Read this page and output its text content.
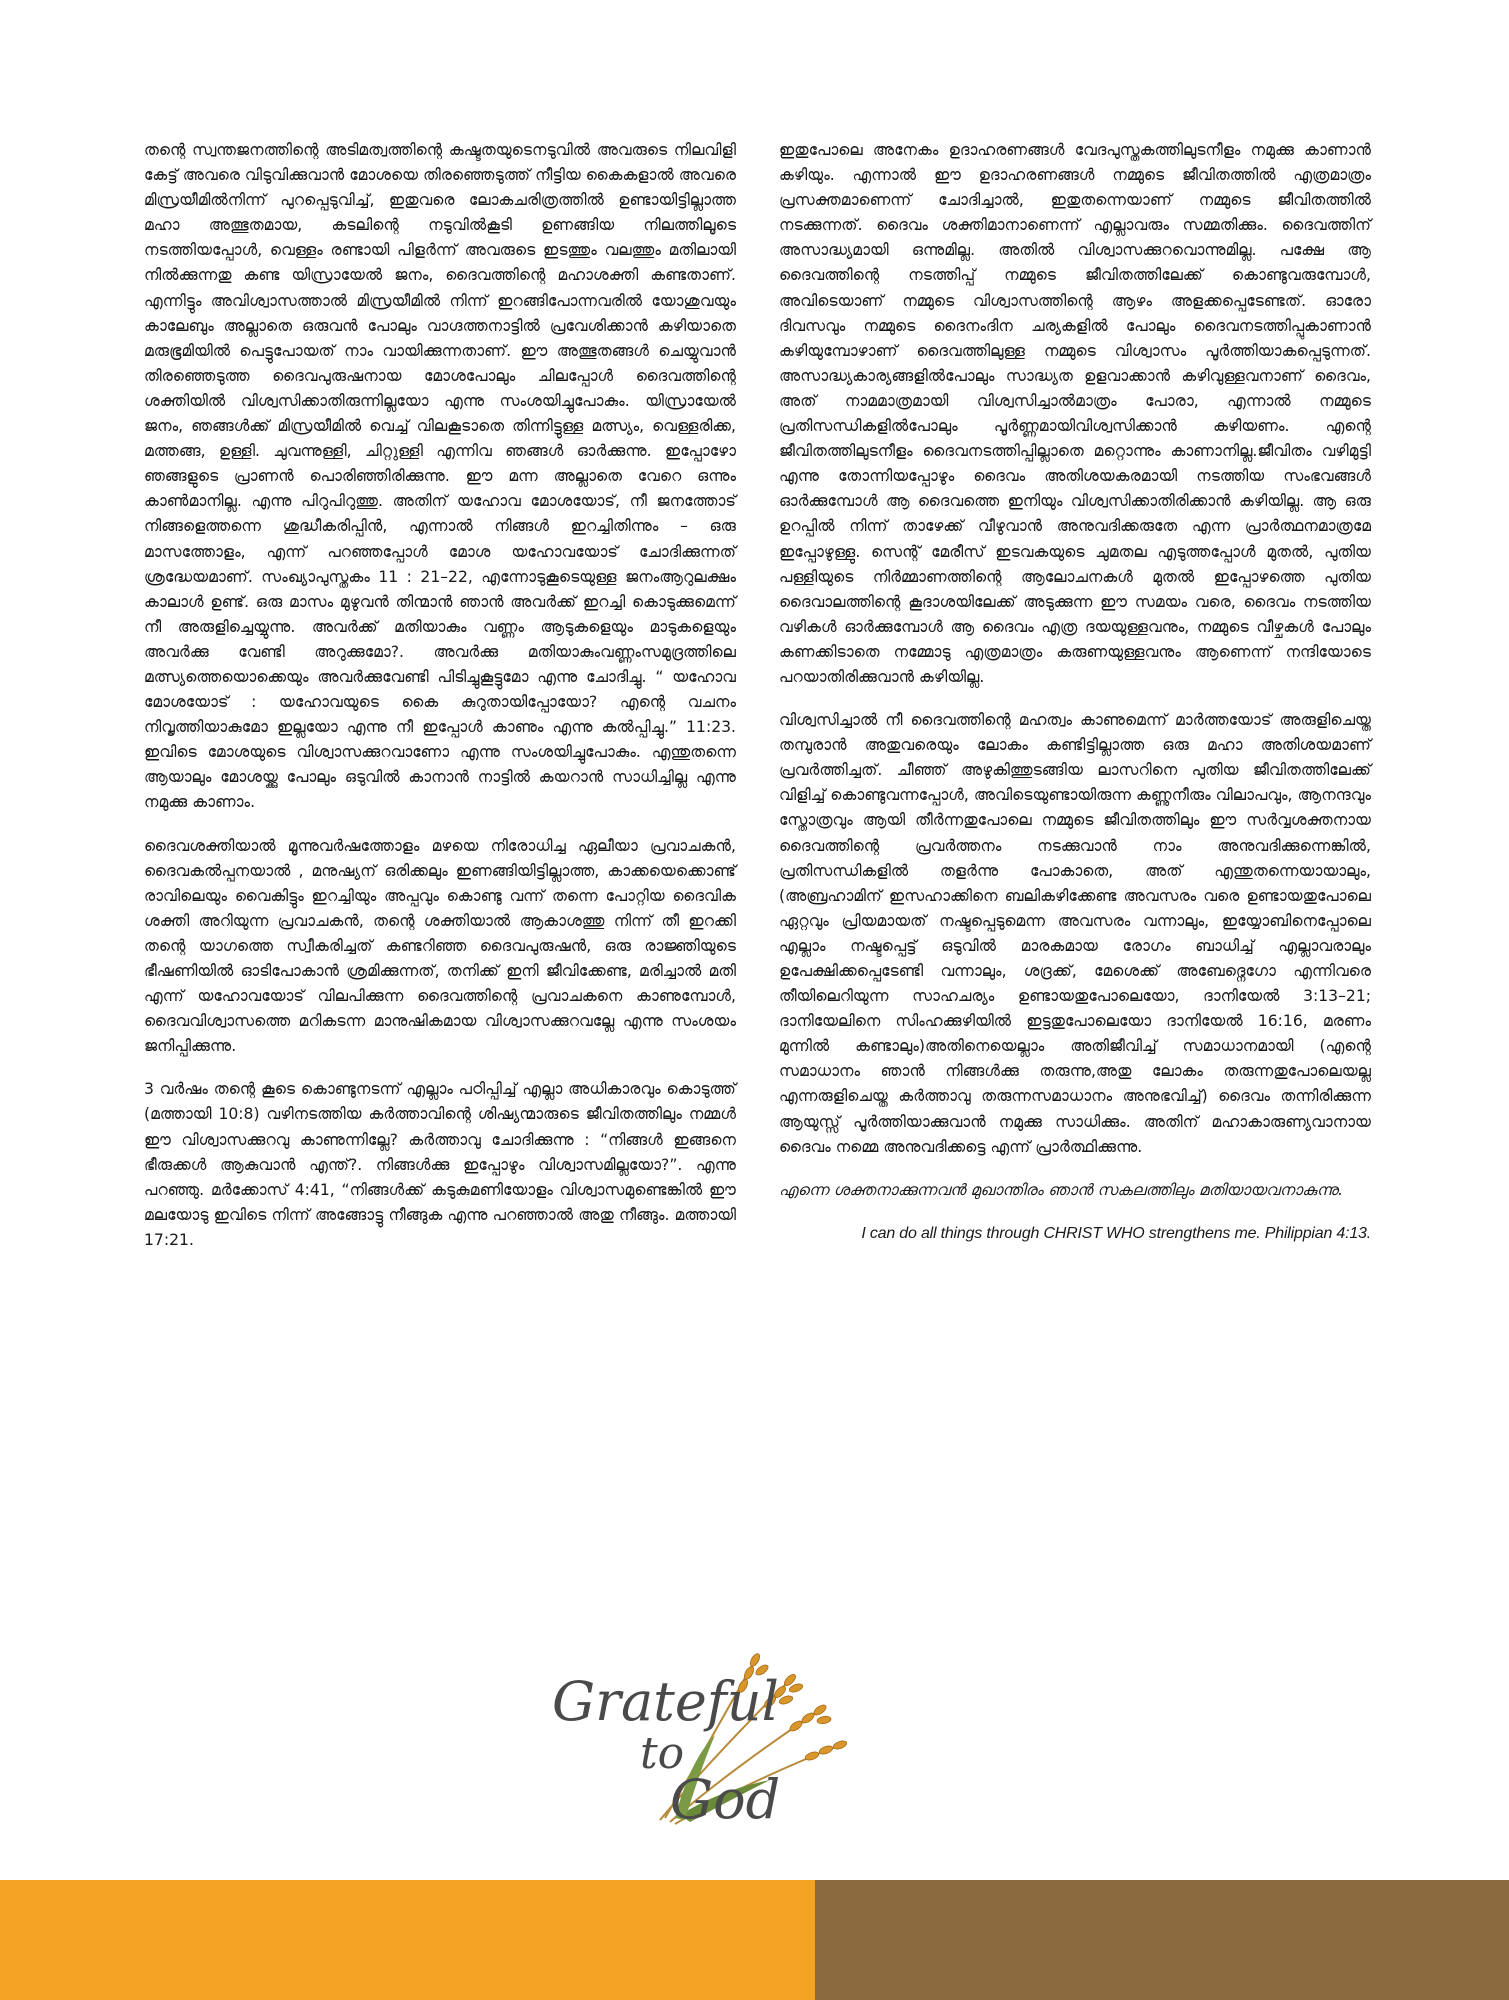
തന്റെ സ്വന്തജനത്തിന്റെ അടിമത്വത്തിന്റെ കഷ്ടതയുടെനടുവിൽ അവരുടെ നിലവിളി കേട്ട് അവരെ വിടുവിക്കുവാൻ മോശയെ തിരഞ്ഞെടുത്ത് നീട്ടിയ കൈകളാൽ അവരെ മിസ്രയീമിൽനിന്ന് പുറപ്പെടുവിച്ച്, ഇതുവരെ ലോകചരിത്രത്തിൽ ഉണ്ടായിട്ടില്ലാത്ത മഹാ അത്ഭുതമായ, കടലിന്റെ നടുവിൽകൂടി ഉണങ്ങിയ നിലത്തിലൂടെ നടത്തിയപ്പോൾ, വെള്ളം രണ്ടായി പിളർന്ന് അവരുടെ ഇടത്തും വലത്തും മതിലായി നിൽക്കുന്നതു കണ്ട യിസ്രായേൽ ജനം, ദൈവത്തിന്റെ മഹാശക്തി കണ്ടതാണ്. എന്നിട്ടും അവിശ്വാസത്താൽ മിസ്രയീമിൽ നിന്ന് ഇറങ്ങിപോന്നവരിൽ യോശുവയും കാലേബും അല്ലാതെ ഒരുവൻ പോലും വാഗ്ദത്തനാട്ടിൽ പ്രവേശിക്കാൻ കഴിയാതെ മരുഭൂമിയിൽ പെട്ടുപോയത് നാം വായിക്കുന്നതാണ്. ഈ അത്ഭുതങ്ങൾ ചെയ്യുവാൻ തിരഞ്ഞെടുത്ത ദൈവപുരുഷനായ മോശപോലും ചിലപ്പോൾ ദൈവത്തിന്റെ ശക്തിയിൽ വിശ്വസിക്കാതിരുന്നില്ലയോ എന്നു സംശയിച്ചുപോകും. യിസ്രായേൽ ജനം, ഞങ്ങൾക്ക് മിസ്രയീമിൽ വെച്ച് വിലകൂടാതെ തിന്നിട്ടുള്ള മത്സ്യം, വെള്ളരിക്ക, മത്തങ്ങ, ഉള്ളി. ചുവന്നുള്ളി, ചിറ്റുള്ളി എന്നിവ ഞങ്ങൾ ഓർക്കുന്നു. ഇപ്പോഴോ ഞങ്ങളുടെ പ്രാണൻ പൊരിഞ്ഞിരിക്കുന്നു. ഈ മന്ന അല്ലാതെ വേറെ ഒന്നും കാൺമാനില്ല. എന്നു പിറുപിറുത്തു. അതിന് യഹോവ മോശയോട്, നീ ജനത്തോട് നിങ്ങളെത്തന്നെ ശുദ്ധീകരിപ്പിൻ, എന്നാൽ നിങ്ങൾ ഇറച്ചിതിന്നും – ഒരു മാസത്തോളം, എന്ന് പറഞ്ഞപ്പോൾ മോശ യഹോവയോട് ചോദിക്കുന്നത് ശ്രദ്ധേയമാണ്. സംഖ്യാപുസ്തകം 11 : 21–22, എന്നോടുകൂടെയുള്ള ജനംആറുലക്ഷം കാലാൾ ഉണ്ട്. ഒരു മാസം മുഴുവൻ തിന്മാൻ ഞാൻ അവർക്ക് ഇറച്ചി കൊടുക്കുമെന്ന് നീ അരുളിച്ചെയ്യുന്നു. അവർക്ക് മതിയാകും വണ്ണം ആടുകളെയും മാടുകളെയും അവർക്കു വേണ്ടി അറുക്കുമോ?. അവർക്കു മതിയാകുംവണ്ണംസമുദ്രത്തിലെ മത്സ്യത്തെയൊക്കെയും അവർക്കുവേണ്ടി പിടിച്ചുകൂട്ടുമോ എന്നു ചോദിച്ചു. “ യഹോവ മോശയോട് : യഹോവയുടെ കൈ കുറുതായിപ്പോയോ? എന്റെ വചനം നിവൃത്തിയാകുമോ ഇല്ലയോ എന്നു നീ ഇപ്പോൾ കാണും എന്നു കൽപ്പിച്ചു.” 11:23. ഇവിടെ മോശയുടെ വിശ്വാസക്കുറവാണോ എന്നു സംശയിച്ചുപോകും. എന്തുതന്നെ ആയാലും മോശയ്ക്കു പോലും ഒടുവിൽ കാനാൻ നാട്ടിൽ കയറാൻ സാധിച്ചില്ല എന്നു നമുക്കു കാണാം.

ദൈവശക്തിയാൽ മൂന്നുവർഷത്തോളം മഴയെ നിരോധിച്ച ഏലീയാ പ്രവാചകൻ, ദൈവകൽപ്പനയാൽ , മനുഷ്യന് ഒരിക്കലും ഇണങ്ങിയിട്ടില്ലാത്ത, കാക്കയെക്കൊണ്ട് രാവിലെയും വൈകിട്ടും ഇറച്ചിയും അപ്പവും കൊണ്ടു വന്ന് തന്നെ പോറ്റിയ ദൈവിക ശക്തി അറിയുന്ന പ്രവാചകൻ, തന്റെ ശക്തിയാൽ ആകാശത്തു നിന്ന് തീ ഇറക്കി തന്റെ യാഗത്തെ സ്വീകരിച്ചത് കണ്ടറിഞ്ഞ ദൈവപുരുഷൻ, ഒരു രാജ്ഞിയുടെ ഭീഷണിയിൽ ഓടിപോകാൻ ശ്രമിക്കുന്നത്, തനിക്ക് ഇനി ജീവിക്കേണ്ട, മരിച്ചാൽ മതി എന്ന് യഹോവയോട് വിലപിക്കുന്ന ദൈവത്തിന്റെ പ്രവാചകനെ കാണുമ്പോൾ, ദൈവവിശ്വാസത്തെ മറികടന്ന മാനുഷികമായ വിശ്വാസക്കുറവല്ലേ എന്നു സംശയം ജനിപ്പിക്കുന്നു.

3 വർഷം തന്റെ കൂടെ കൊണ്ടുനടന്ന് എല്ലാം പഠിപ്പിച്ച് എല്ലാ അധികാരവും കൊടുത്ത് (മത്തായി 10:8) വഴിനടത്തിയ കർത്താവിന്റെ ശിഷ്യന്മാരുടെ ജീവിതത്തിലും നമ്മൾ ഈ വിശ്വാസക്കുറവു കാണുന്നില്ലേ? കർത്താവു ചോദിക്കുന്നു : “നിങ്ങൾ ഇങ്ങനെ ഭീരുക്കൾ ആകുവാൻ എന്ത്?. നിങ്ങൾക്കു ഇപ്പോഴും വിശ്വാസമില്ലയോ?”. എന്നു പറഞ്ഞു. മർക്കോസ് 4:41, “നിങ്ങൾക്ക് കടുകുമണിയോളം വിശ്വാസമുണ്ടെങ്കിൽ ഈ മലയോടു ഇവിടെ നിന്ന് അങ്ങോട്ടു നീങ്ങുക എന്നു പറഞ്ഞാൽ അതു നീങ്ങും. മത്തായി 17:21.

ഇതുപോലെ അനേകം ഉദാഹരണങ്ങൾ വേദപുസ്തകത്തിലുടനീളം നമുക്കു കാണാൻ കഴിയും. എന്നാൽ ഈ ഉദാഹരണങ്ങൾ നമ്മുടെ ജീവിതത്തിൽ എത്രമാത്രം പ്രസക്തമാണെന്ന് ചോദിച്ചാൽ, ഇതുതന്നെയാണ് നമ്മുടെ ജീവിതത്തിൽ നടക്കുന്നത്. ദൈവം ശക്തിമാനാണെന്ന് എല്ലാവരും സമ്മതിക്കും. ദൈവത്തിന് അസാദ്ധ്യമായി ഒന്നുമില്ല. അതിൽ വിശ്വാസക്കുറവൊന്നുമില്ല. പക്ഷേ ആ ദൈവത്തിന്റെ നടത്തിപ്പ് നമ്മുടെ ജീവിതത്തിലേക്ക് കൊണ്ടുവരുമ്പോൾ, അവിടെയാണ് നമ്മുടെ വിശ്വാസത്തിന്റെ ആഴം അളക്കപ്പെടേണ്ടത്. ഓരോ ദിവസവും നമ്മുടെ ദൈനംദിന ചര്യകളിൽ പോലും ദൈവനടത്തിപ്പുകാണാൻ കഴിയുമ്പോഴാണ് ദൈവത്തിലുള്ള നമ്മുടെ വിശ്വാസം പൂർത്തിയാകപ്പെടുന്നത്. അസാദ്ധ്യകാര്യങ്ങളിൽപോലും സാദ്ധ്യത ഉളവാക്കാൻ കഴിവുള്ളവനാണ് ദൈവം, അത് നാമമാത്രമായി വിശ്വസിച്ചാൽമാത്രം പോരാ, എന്നാൽ നമ്മുടെ പ്രതിസന്ധികളിൽപോലും പൂർണ്ണമായിവിശ്വസിക്കാൻ കഴിയണം. എന്റെ ജീവിതത്തിലുടനീളം ദൈവനടത്തിപ്പില്ലാതെ മറ്റൊന്നും കാണാനില്ല.ജീവിതം വഴിമുട്ടി എന്നു തോന്നിയപ്പോഴും ദൈവം അതിശയകരമായി നടത്തിയ സംഭവങ്ങൾ ഓർക്കുമ്പോൾ ആ ദൈവത്തെ ഇനിയും വിശ്വസിക്കാതിരിക്കാൻ കഴിയില്ല. ആ ഒരു ഉറപ്പിൽ നിന്ന് താഴേക്ക് വീഴുവാൻ അനുവദിക്കരുതേ എന്ന പ്രാർത്ഥനമാത്രമേ ഇപ്പോഴുള്ളു. സെന്റ് മേരീസ് ഇടവകയുടെ ചുമതല എടുത്തപ്പോൾ മുതൽ, പുതിയ പള്ളിയുടെ നിർമ്മാണത്തിന്റെ ആലോചനകൾ മുതൽ ഇപ്പോഴത്തെ പുതിയ ദൈവാലത്തിന്റെ കൂദാശയിലേക്ക് അടുക്കുന്ന ഈ സമയം വരെ, ദൈവം നടത്തിയ വഴികൾ ഓർക്കുമ്പോൾ ആ ദൈവം എത്ര ദയയുള്ളവനും, നമ്മുടെ വീഴ്ചകൾ പോലും കണക്കിടാതെ നമ്മോടു എത്രമാത്രം കരുണയുള്ളവനും ആണെന്ന് നന്ദിയോടെ പറയാതിരിക്കുവാൻ കഴിയില്ല.

വിശ്വസിച്ചാൽ നീ ദൈവത്തിന്റെ മഹത്വം കാണുമെന്ന് മാർത്തയോട് അരുളിചെയ്ത തമ്പുരാൻ അതുവരെയും ലോകം കണ്ടിട്ടില്ലാത്ത ഒരു മഹാ അതിശയമാണ് പ്രവർത്തിച്ചത്. ചീഞ്ഞ് അഴുകിത്തുടങ്ങിയ ലാസറിനെ പുതിയ ജീവിതത്തിലേക്ക് വിളിച്ച് കൊണ്ടുവന്നപ്പോൾ, അവിടെയുണ്ടായിരുന്ന കണ്ണുനീരും വിലാപവും, ആനന്ദവും സ്തോത്രവും ആയി തീർന്നതുപോലെ നമ്മുടെ ജീവിതത്തിലും ഈ സർവ്വശക്തനായ ദൈവത്തിന്റെ പ്രവർത്തനം നടക്കുവാൻ നാം അനുവദിക്കുന്നെങ്കിൽ, പ്രതിസന്ധികളിൽ തളർന്നു പോകാതെ, അത് എന്തുതന്നെയായാലും, (അബ്രഹാമിന് ഇസഹാക്കിനെ ബലികഴിക്കേണ്ട അവസരം വരെ ഉണ്ടായതുപോലെ ഏറ്റവും പ്രിയമായത് നഷ്ടപ്പെടുമെന്ന അവസരം വന്നാലും, ഇയ്യോബിനെപ്പോലെ എല്ലാം നഷ്ടപ്പെട്ട് ഒടുവിൽ മാരകമായ രോഗം ബാധിച്ച് എല്ലാവരാലും ഉപേക്ഷിക്കപ്പെടേണ്ടി വന്നാലും, ശദ്രക്ക്, മേശെക്ക് അബേദ്നെഗോ എന്നിവരെ തീയിലെറിയുന്ന സാഹചര്യം ഉണ്ടായതുപോലെയോ, ദാനിയേൽ 3:13–21; ദാനിയേലിനെ സിംഹക്കുഴിയിൽ ഇട്ടതുപോലെയോ ദാനിയേൽ 16:16, മരണം മുന്നിൽ കണ്ടാലും)അതിനെയെല്ലാം അതിജീവിച്ച് സമാധാനമായി (എന്റെ സമാധാനം ഞാൻ നിങ്ങൾക്കു തരുന്നു,അതു ലോകം തരുന്നതുപോലെയല്ല എന്നരുളിചെയ്ത കർത്താവു തരുന്നസമാധാനം അനുഭവിച്ച്) ദൈവം തന്നിരിക്കുന്ന ആയുസ്സ് പൂർത്തിയാക്കുവാൻ നമുക്കു സാധിക്കും. അതിന് മഹാകാരുണ്യവാനായ ദൈവം നമ്മെ അനുവദിക്കട്ടെ എന്ന് പ്രാർത്ഥിക്കുന്നു.

എന്നെ ശക്തനാക്കുന്നവൻ മുഖാന്തിരം ഞാൻ സകലത്തിലും മതിയായവനാകുന്നു.

I can do all things through CHRIST WHO strengthens me. Philippian 4:13.

Grateful
to
God
